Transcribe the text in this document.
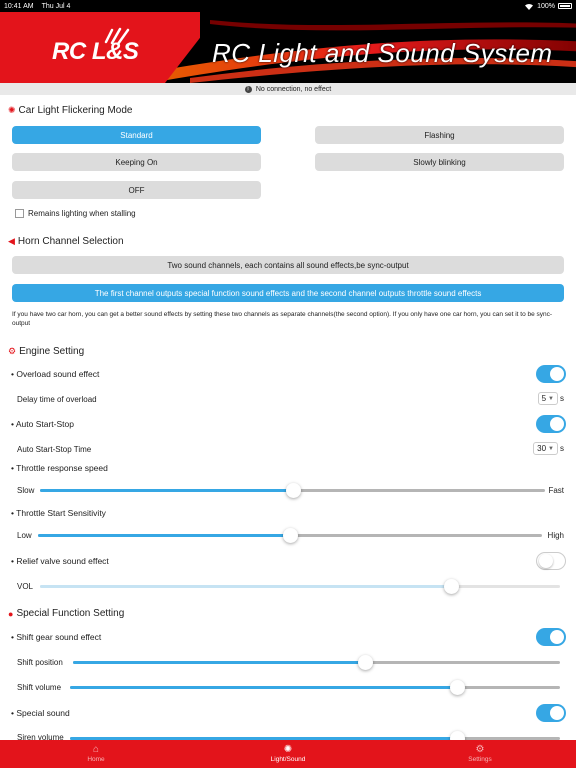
10:41 AM Thu Jul 4	100%
RC L&S	RC Light and Sound System
ᛒ No connection, no effect
✺ Car Light Flickering Mode
Standard	Flashing
Keeping On	Slowly blinking
OFF
Remains lighting when stalling
◀ Horn Channel Selection
Two sound channels, each contains all sound effects,be sync-output
The first channel outputs special function sound effects and the second channel outputs throttle sound effects
If you have two car horn, you can get a better sound effects by setting these two channels as separate channels(the second option). If you only have one car horn, you can set it to be sync-output
⚙ Engine Setting
• Overload sound effect
Delay time of overload	5 ▼ s
• Auto Start-Stop
Auto Start-Stop Time	30 ▼ s
• Throttle response speed
Slow	Fast
• Throttle Start Sensitivity
Low	High
• Relief valve sound effect
VOL
● Special Function Setting
• Shift gear sound effect
Shift position
Shift volume
• Special sound
Siren volume
⌂
Home
✺
Light/Sound
⚙
Settings
